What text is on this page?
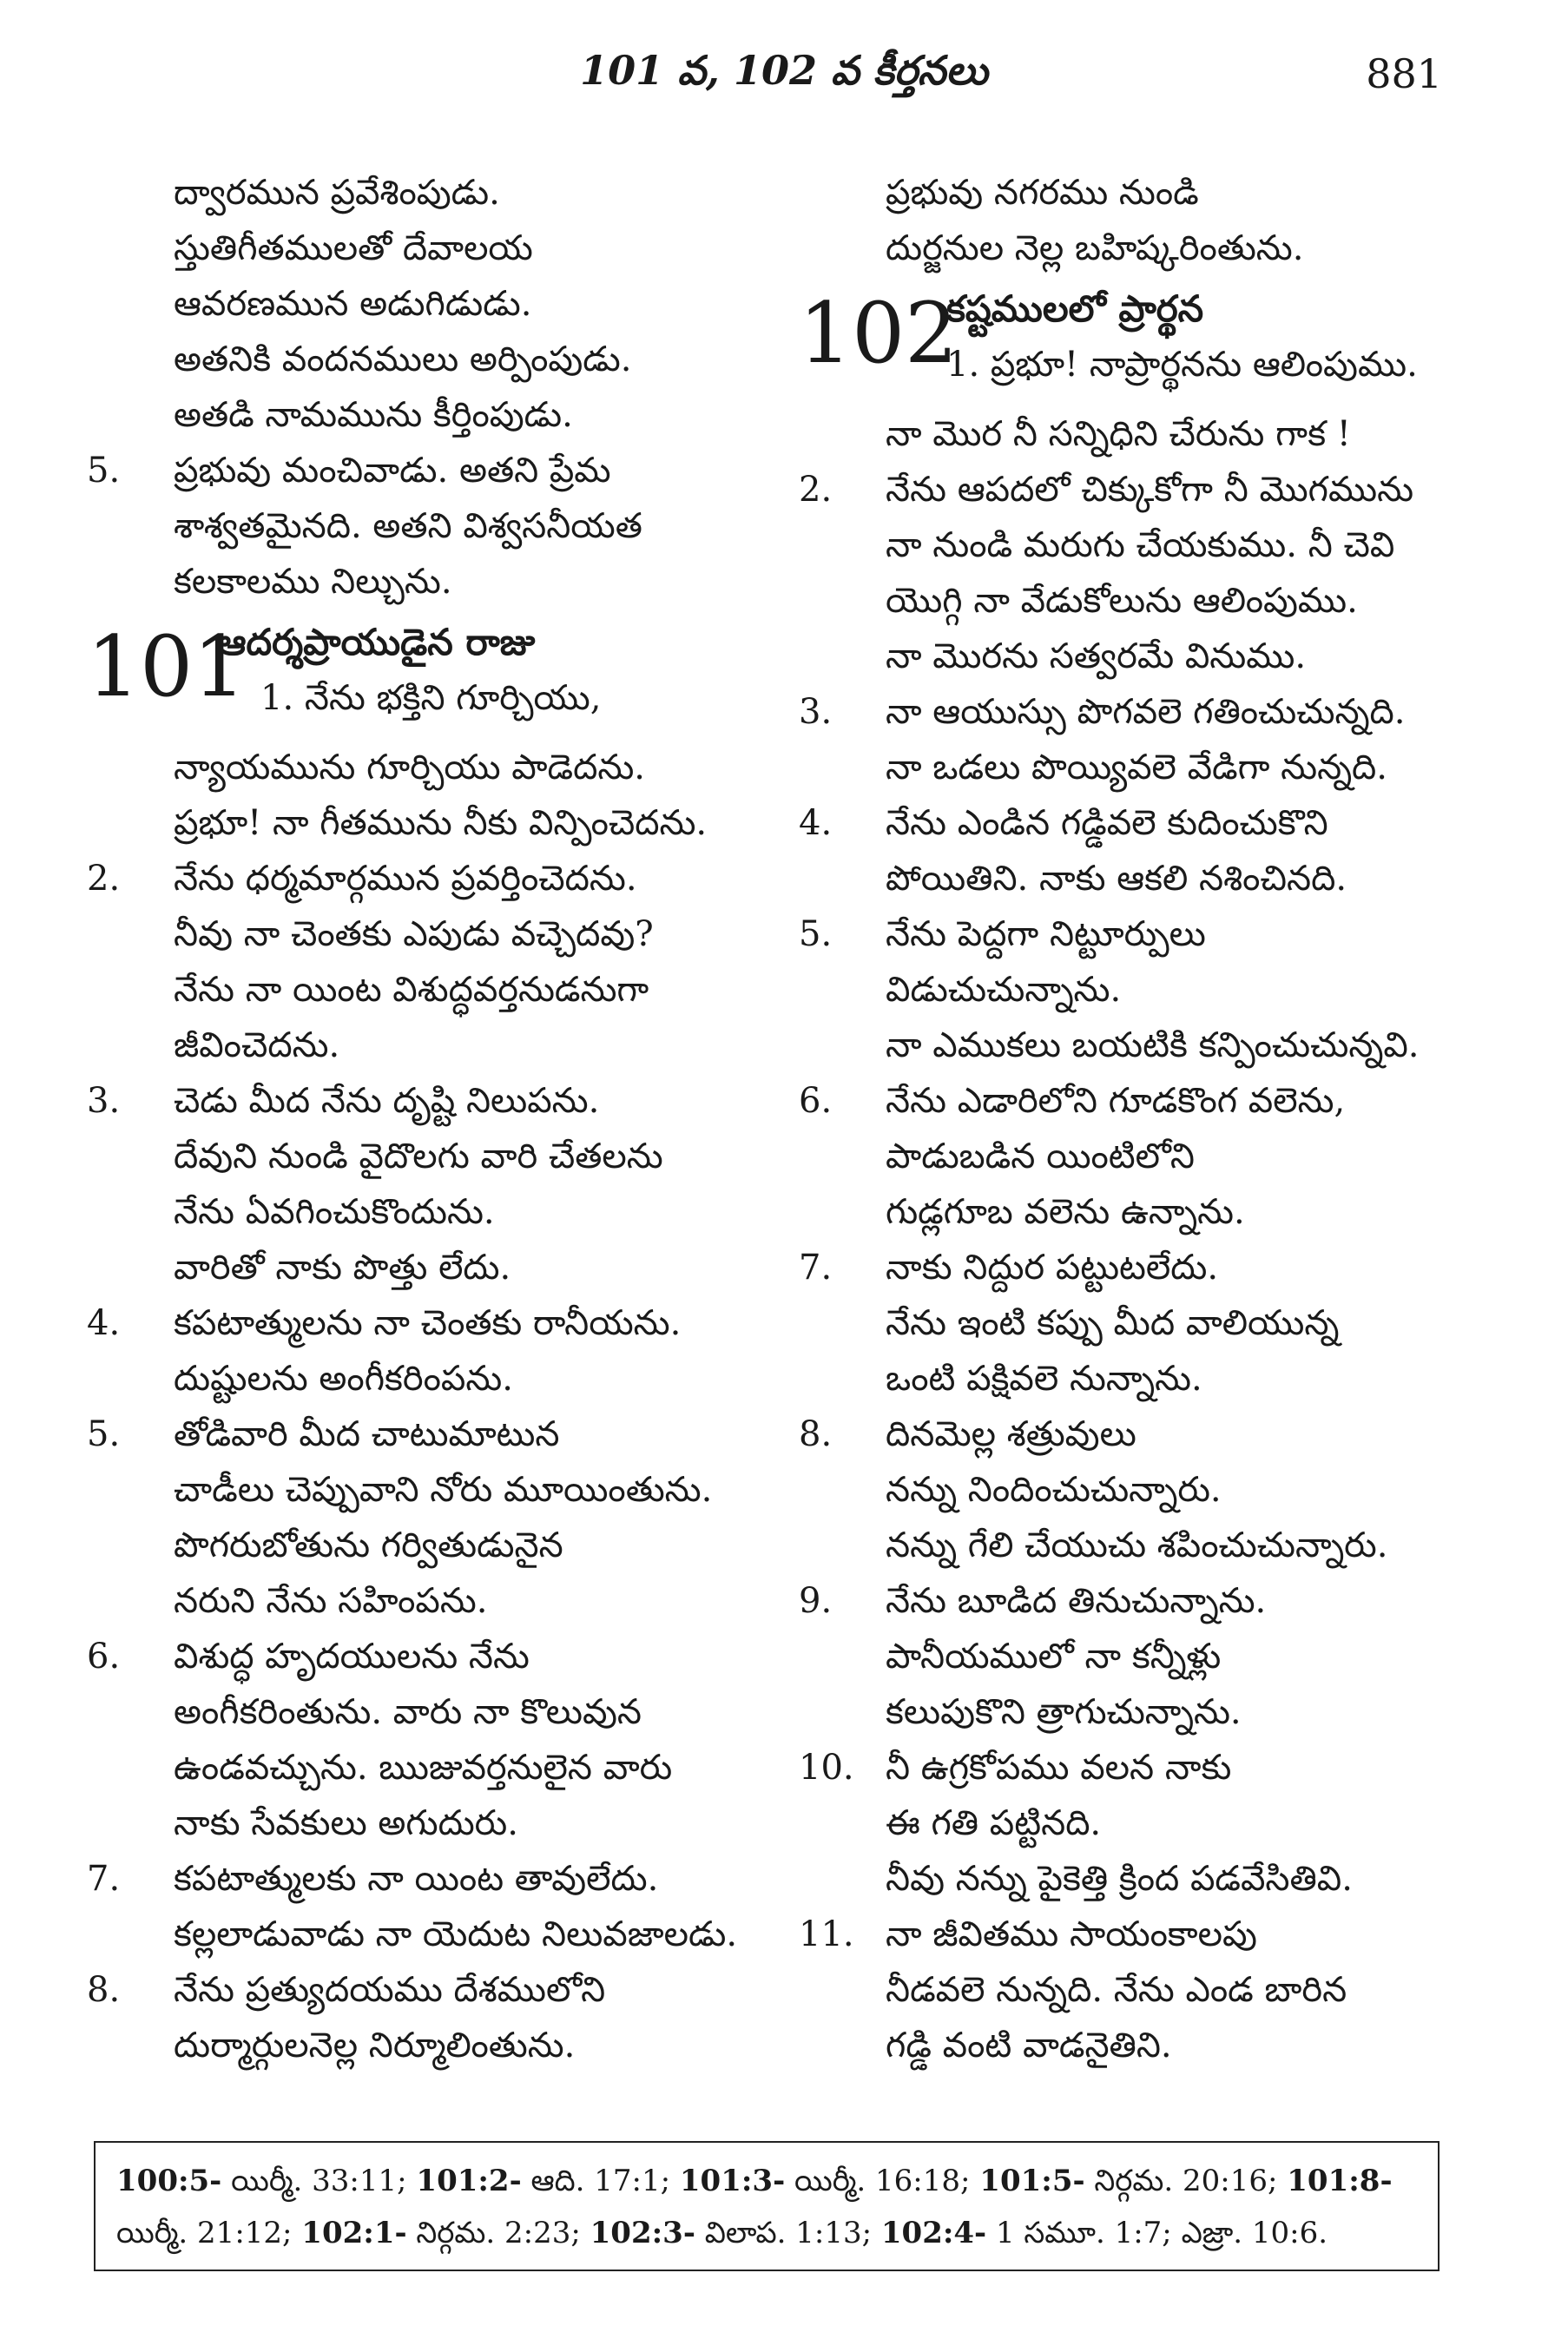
101 వ, 102 వ కీర్తనలు	881
ద్వారమున ప్రవేశింపుడు.
స్తుతిగీతములతో దేవాలయ
ఆవరణమున అడుగిడుడు.
అతనికి వందనములు అర్పింపుడు.
అతడి నామమును కీర్తింపుడు.
5. ప్రభువు మంచివాడు. అతని ప్రేమ
శాశ్వతమైనది. అతని విశ్వసనీయత
కలకాలము నిల్చును.
101
ఆదర్శప్రాయుడైన రాజు
1. నేను భక్తిని గూర్చియు,
న్యాయమును గూర్చియు పాడెదను.
ప్రభూ! నా గీతమును నీకు విన్పించెదను.
2. నేను ధర్మమార్గమున ప్రవర్తించెదను.
నీవు నా చెంతకు ఎపుడు వచ్చెదవు?
నేను నా యింట విశుద్ధవర్తనుడనుగా
జీవించెదను.
3. చెడు మీద నేను దృష్టి నిలుపను.
దేవుని నుండి వైదొలగు వారి చేతలను
నేను ఏవగించుకొందును.
వారితో నాకు పొత్తు లేదు.
4. కపటాత్ములను నా చెంతకు రానీయను.
దుష్టులను అంగీకరింపను.
5. తోడివారి మీద చాటుమాటున
చాడీలు చెప్పువాని నోరు మూయింతును.
పొగరుబోతును గర్వితుడునైన
నరుని నేను సహింపను.
6. విశుద్ధ హృదయులను నేను
అంగీకరింతును. వారు నా కొలువున
ఉండవచ్చును. ఋజువర్తనులైన వారు
నాకు సేవకులు అగుదురు.
7. కపటాత్ములకు నా యింట తావులేదు.
కల్లలాడువాడు నా యెదుట నిలువజాలడు.
8. నేను ప్రత్యుదయము దేశములోని
దుర్మార్గులనెల్ల నిర్మూలింతును.
ప్రభువు నగరము నుండి
దుర్జనుల నెల్ల బహిష్కరింతును.
102
కష్టములలో ప్రార్థన
1. ప్రభూ! నాప్రార్థనను ఆలింపుము.
నా మొర నీ సన్నిధిని చేరును గాక !
2. నేను ఆపదలో చిక్కుకోగా నీ మొగమును
నా నుండి మరుగు చేయకుము. నీ చెవి
యొగ్గి నా వేడుకోలును ఆలింపుము.
నా మొరను సత్వరమే వినుము.
3. నా ఆయుస్సు పొగవలె గతించుచున్నది.
నా ఒడలు పొయ్యివలె వేడిగా నున్నది.
4. నేను ఎండిన గడ్డివలె కుదించుకొని
పోయితిని. నాకు ఆకలి నశించినది.
5. నేను పెద్దగా నిట్టూర్పులు
విడుచుచున్నాను.
నా ఎముకలు బయటికి కన్పించుచున్నవి.
6. నేను ఎడారిలోని గూడకొంగ వలెను,
పాడుబడిన యింటిలోని
గుడ్లగూబ వలెను ఉన్నాను.
7. నాకు నిద్దుర పట్టుటలేదు.
నేను ఇంటి కప్పు మీద వాలియున్న
ఒంటి పక్షివలె నున్నాను.
8. దినమెల్ల శత్రువులు
నన్ను నిందించుచున్నారు.
నన్ను గేలి చేయుచు శపించుచున్నారు.
9. నేను బూడిద తినుచున్నాను.
పానీయములో నా కన్నీళ్లు
కలుపుకొని త్రాగుచున్నాను.
10. నీ ఉగ్రకోపము వలన నాకు
ఈ గతి పట్టినది.
నీవు నన్ను పైకెత్తి క్రింద పడవేసితివి.
11. నా జీవితము సాయంకాలపు
నీడవలె నున్నది. నేను ఎండ బారిన
గడ్డి వంటి వాడనైతిని.
100:5- యిర్మీ. 33:11; 101:2- ఆది. 17:1; 101:3- యిర్మీ. 16:18; 101:5- నిర్గమ. 20:16; 101:8- యిర్మీ. 21:12; 102:1- నిర్గమ. 2:23; 102:3- విలాప. 1:13; 102:4- 1 సమూ. 1:7; ఎజ్రా. 10:6.
